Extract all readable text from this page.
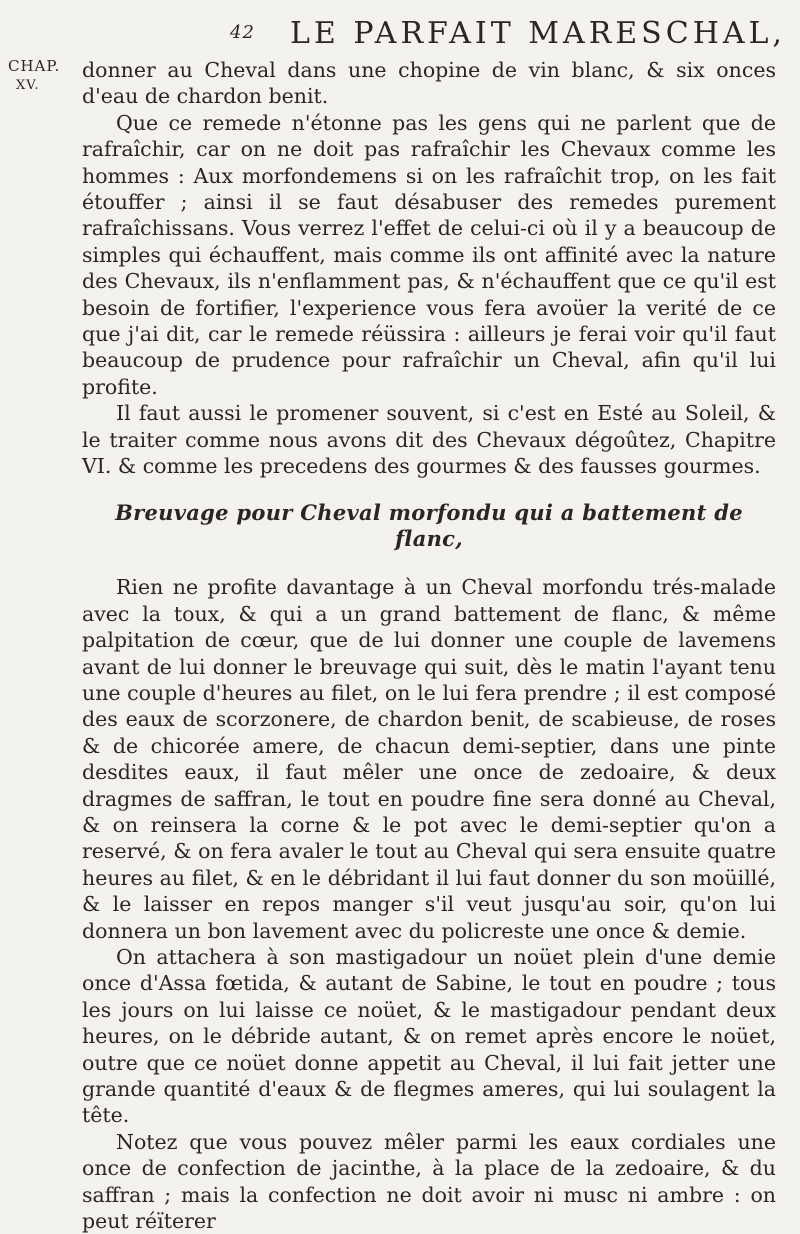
42 LE PARFAIT MARESCHAL,
CHAP.
XV.

donner au Cheval dans une chopine de vin blanc, & six onces d'eau de chardon benit.

Que ce remede n'étonne pas les gens qui ne parlent que de rafraîchir, car on ne doit pas rafraîchir les Chevaux comme les hommes : Aux morfondemens si on les rafraîchit trop, on les fait étouffer ; ainsi il se faut désabuser des remedes purement rafraîchissans. Vous verrez l'effet de celui-ci où il y a beaucoup de simples qui échauffent, mais comme ils ont affinité avec la nature des Chevaux, ils n'enflamment pas, & n'échauffent que ce qu'il est besoin de fortifier, l'experience vous fera avoüer la verité de ce que j'ai dit, car le remede réüssira : ailleurs je ferai voir qu'il faut beaucoup de prudence pour rafraîchir un Cheval, afin qu'il lui profite.

Il faut aussi le promener souvent, si c'est en Esté au Soleil, & le traiter comme nous avons dit des Chevaux dégoûtez, Chapitre VI. & comme les precedens des gourmes & des fausses gourmes.

Breuvage pour Cheval morfondu qui a battement de flanc,

Rien ne profite davantage à un Cheval morfondu trés-malade avec la toux, & qui a un grand battement de flanc, & même palpitation de cœur, que de lui donner une couple de lavemens avant de lui donner le breuvage qui suit, dès le matin l'ayant tenu une couple d'heures au filet, on le lui fera prendre ; il est composé des eaux de scorzonere, de chardon benit, de scabieuse, de roses & de chicorée amere, de chacun demi-septier, dans une pinte desdites eaux, il faut mêler une once de zedoaire, & deux dragmes de saffran, le tout en poudre fine sera donné au Cheval, & on reinsera la corne & le pot avec le demi-septier qu'on a reservé, & on fera avaler le tout au Cheval qui sera ensuite quatre heures au filet, & en le débridant il lui faut donner du son moüillé, & le laisser en repos manger s'il veut jusqu'au soir, qu'on lui donnera un bon lavement avec du policreste une once & demie.

On attachera à son mastigadour un noüet plein d'une demie once d'Assa fœtida, & autant de Sabine, le tout en poudre ; tous les jours on lui laisse ce noüet, & le mastigadour pendant deux heures, on le débride autant, & on remet après encore le noüet, outre que ce noüet donne appetit au Cheval, il lui fait jetter une grande quantité d'eaux & de flegmes ameres, qui lui soulagent la tête.

Notez que vous pouvez mêler parmi les eaux cordiales une once de confection de jacinthe, à la place de la zedoaire, & du saffran ; mais la confection ne doit avoir ni musc ni ambre : on peut réïterer
